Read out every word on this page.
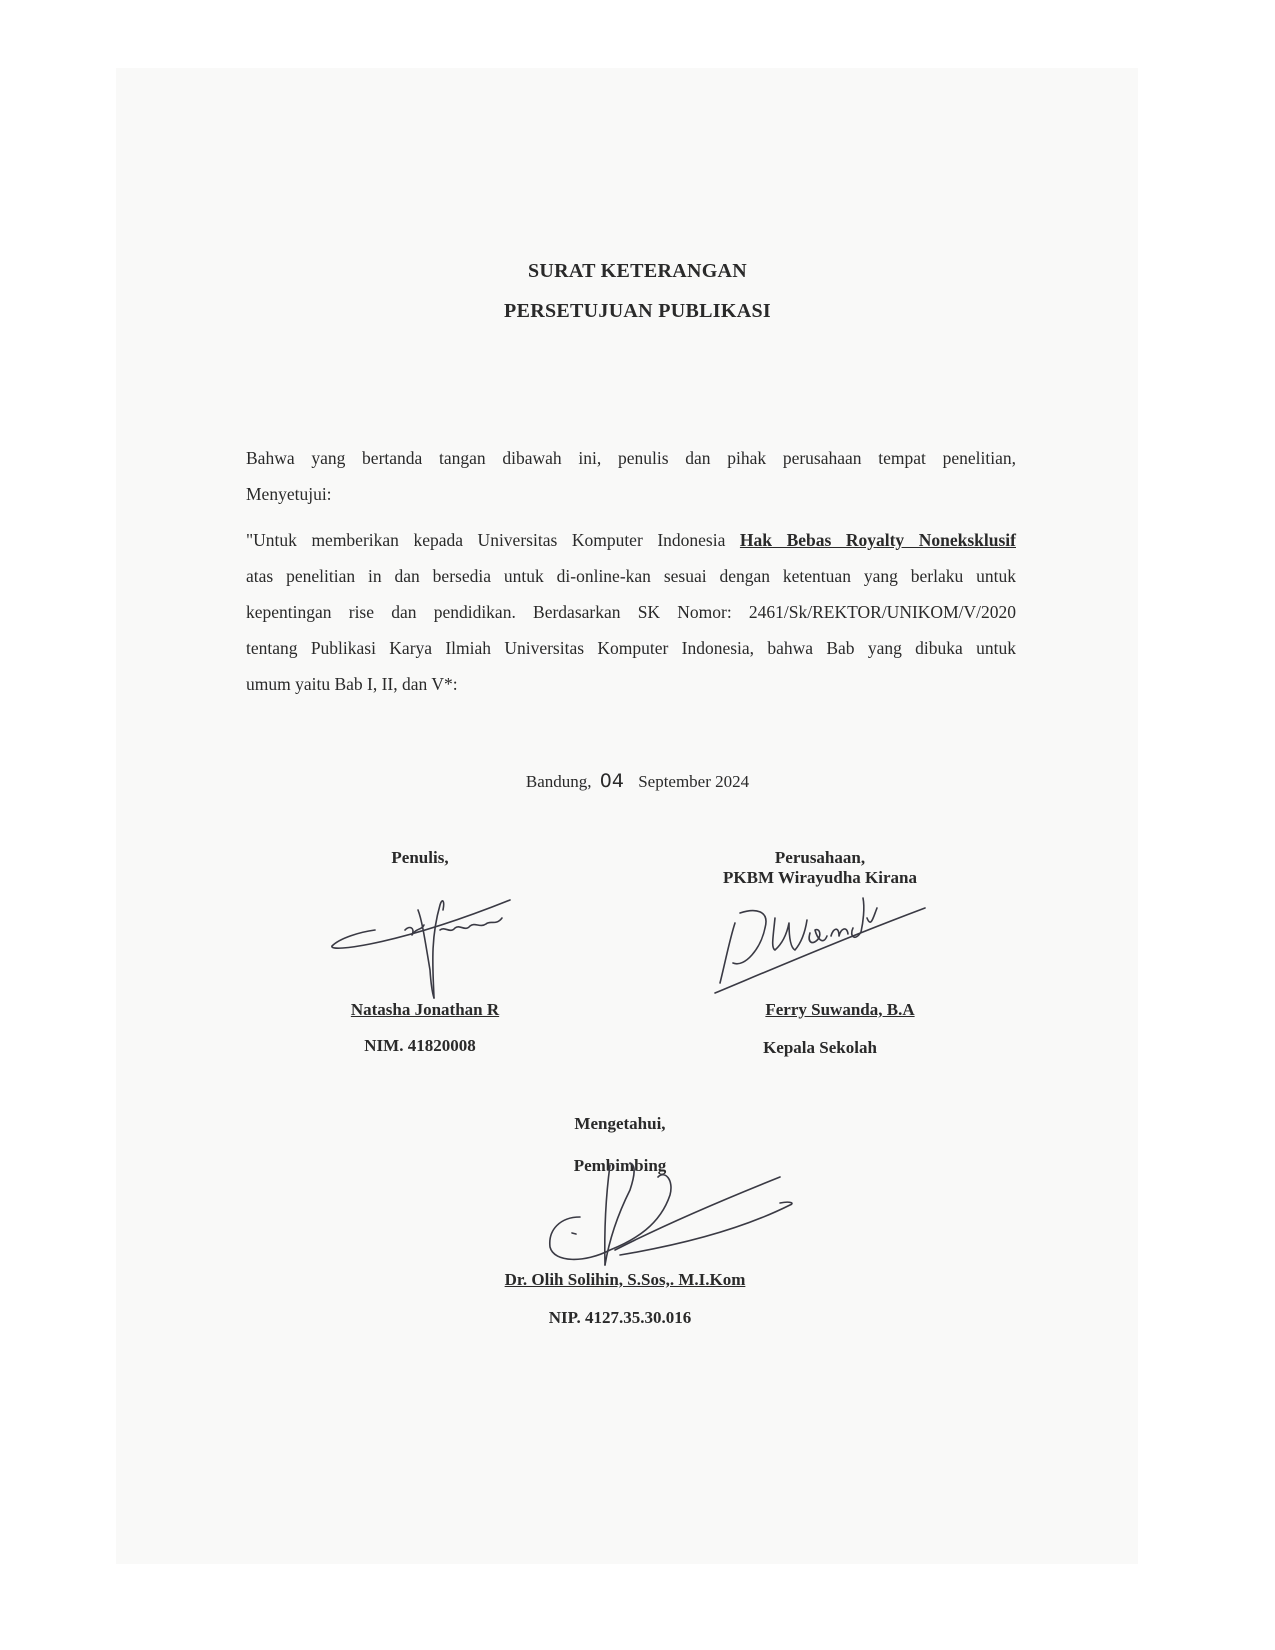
SURAT KETERANGAN
PERSETUJUAN PUBLIKASI
Bahwa yang bertanda tangan dibawah ini, penulis dan pihak perusahaan tempat penelitian,
Menyetujui:
"Untuk memberikan kepada Universitas Komputer Indonesia Hak Bebas Royalty Noneksklusif
atas penelitian in dan bersedia untuk di-online-kan sesuai dengan ketentuan yang berlaku untuk
kepentingan rise dan pendidikan. Berdasarkan SK Nomor: 2461/Sk/REKTOR/UNIKOM/V/2020
tentang Publikasi Karya Ilmiah Universitas Komputer Indonesia, bahwa Bab yang dibuka untuk
umum yaitu Bab I, II, dan V*:
Bandung, 04 September 2024
Penulis,
Natasha Jonathan R
NIM. 41820008
Perusahaan,
PKBM Wirayudha Kirana
Ferry Suwanda, B.A
Kepala Sekolah
Mengetahui,
Pembimbing
Dr. Olih Solihin, S.Sos,. M.I.Kom
NIP. 4127.35.30.016
